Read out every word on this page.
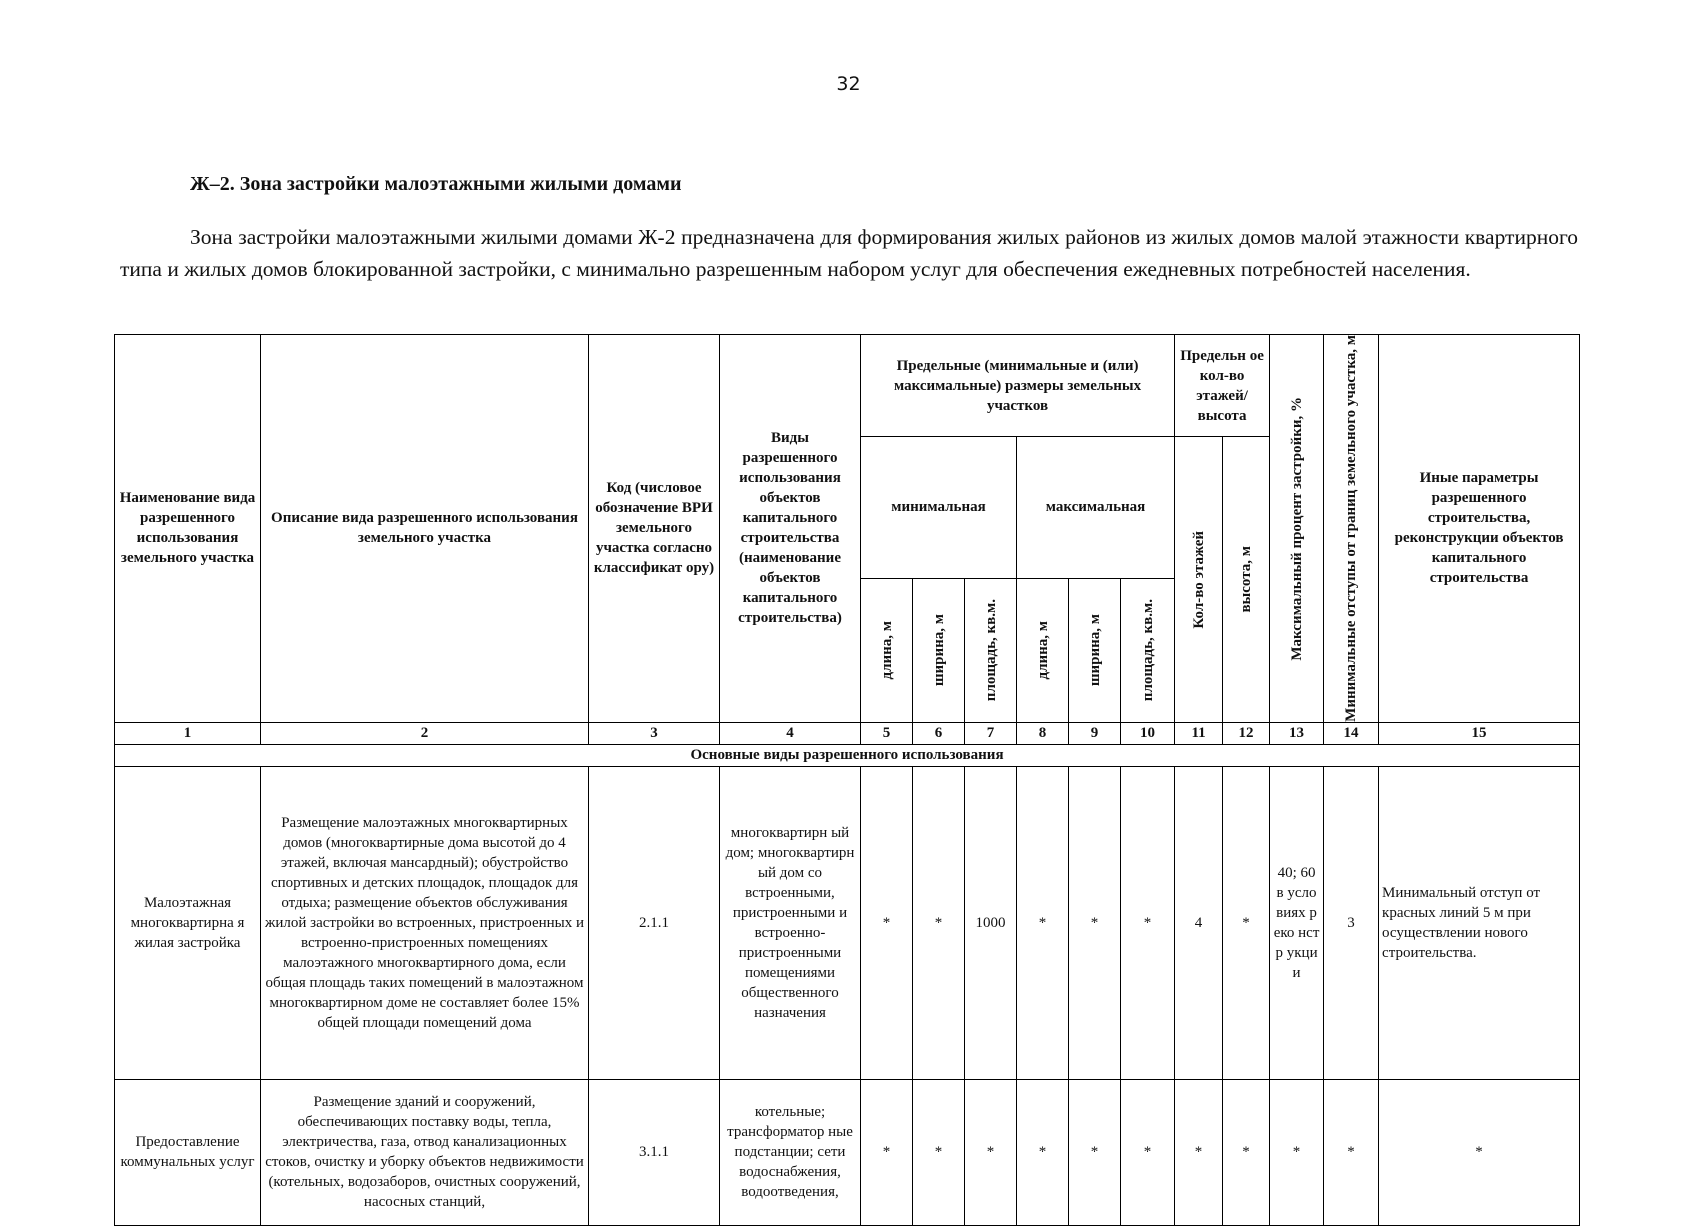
32
Ж–2. Зона застройки малоэтажными жилыми домами

Зона застройки малоэтажными жилыми домами Ж-2 предназначена для формирования жилых районов из жилых домов малой этажности квартирного типа и жилых домов блокированной застройки, с минимально разрешенным набором услуг для обеспечения ежедневных потребностей населения.

Наименование вида разрешенного использования земельного участка	Описание вида разрешенного использования земельного участка	Код (числовое обозначение ВРИ земельного участка согласно классификат ору)	Виды разрешенного использования объектов капитального строительства (наименование объектов капитального строительства)	Предельные (минимальные и (или) максимальные) размеры земельных участков						Предельн ое кол-во этажей/ высота		Максимальный процент застройки, %	Минимальные отступы от границ земельного участка, м	Иные параметры разрешенного строительства, реконструкции объектов капитального строительства
				минимальная			максимальная			Кол-во этажей	высота, м			

				длина, м	ширина, м	площадь, кв.м.	длина, м	ширина, м	площадь, кв.м.					

1	2	3	4	5	6	7	8	9	10	11	12	13	14	15
Основные виды разрешенного использования														
Малоэтажная многоквартирна я жилая застройка	Размещение малоэтажных многоквартирных домов (многоквартирные дома высотой до 4 этажей, включая мансардный); обустройство спортивных и детских площадок, площадок для отдыха; размещение объектов обслуживания жилой застройки во встроенных, пристроенных и встроенно-пристроенных помещениях малоэтажного многоквартирного дома, если общая площадь таких помещений в малоэтажном многоквартирном доме не составляет более 15% общей площади помещений дома	2.1.1	многоквартирн ый дом; многоквартирн ый дом со встроенными, пристроенными и встроенно-пристроенными помещениями общественного назначения	*	*	1000	*	*	*	4	*	40; 60 в усло виях реко нстр укци и	3	Минимальный отступ от красных линий 5 м при осуществлении нового строительства.
Предоставление коммунальных услуг	Размещение зданий и сооружений, обеспечивающих поставку воды, тепла, электричества, газа, отвод канализационных стоков, очистку и уборку объектов недвижимости (котельных, водозаборов, очистных сооружений, насосных станций,	3.1.1	котельные; трансформатор ные подстанции; сети водоснабжения, водоотведения,	*	*	*	*	*	*	*	*	*	*	*
